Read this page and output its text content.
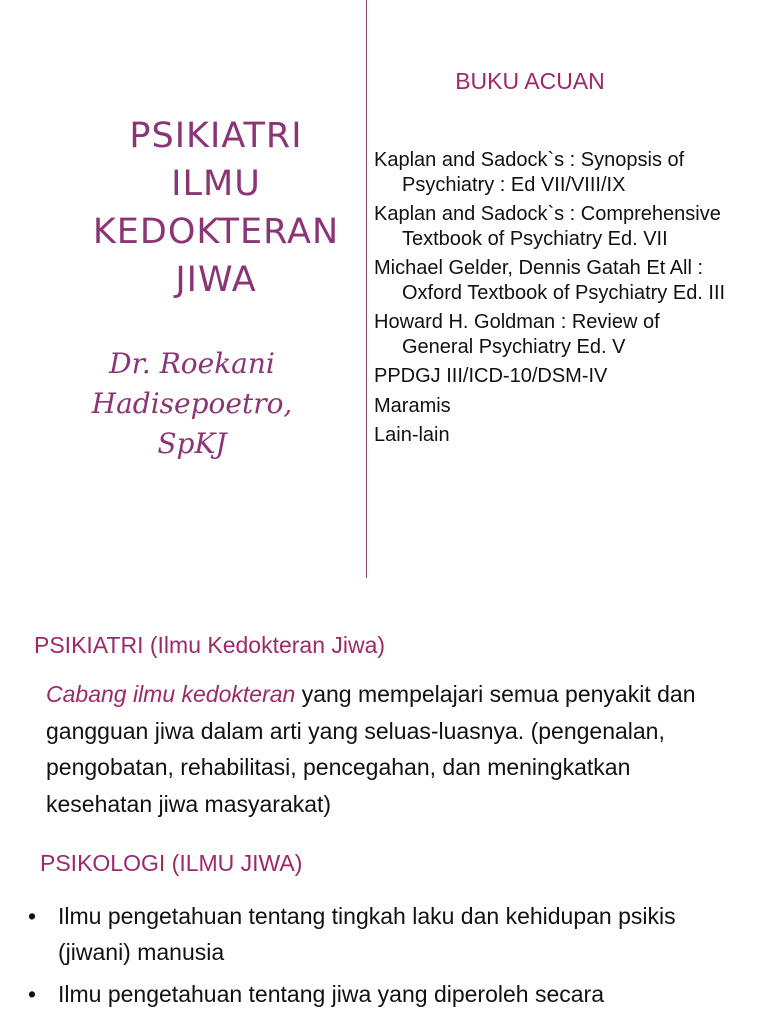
PSIKIATRI
ILMU
KEDOKTERAN
JIWA
Dr. Roekani
Hadisepoetro,
SpKJ
BUKU ACUAN
Kaplan and Sadock`s : Synopsis of Psychiatry : Ed VII/VIII/IX
Kaplan and Sadock`s : Comprehensive Textbook of Psychiatry Ed. VII
Michael Gelder, Dennis Gatah Et All : Oxford Textbook of Psychiatry Ed. III
Howard H. Goldman : Review of General Psychiatry Ed. V
PPDGJ III/ICD-10/DSM-IV
Maramis
Lain-lain
PSIKIATRI (Ilmu Kedokteran Jiwa)

Cabang ilmu kedokteran yang mempelajari semua penyakit dan gangguan jiwa dalam arti yang seluas-luasnya. (pengenalan, pengobatan, rehabilitasi, pencegahan, dan meningkatkan kesehatan jiwa masyarakat)

PSIKOLOGI (ILMU JIWA)
• Ilmu pengetahuan tentang tingkah laku dan kehidupan psikis (jiwani) manusia
• Ilmu pengetahuan tentang jiwa yang diperoleh secara
